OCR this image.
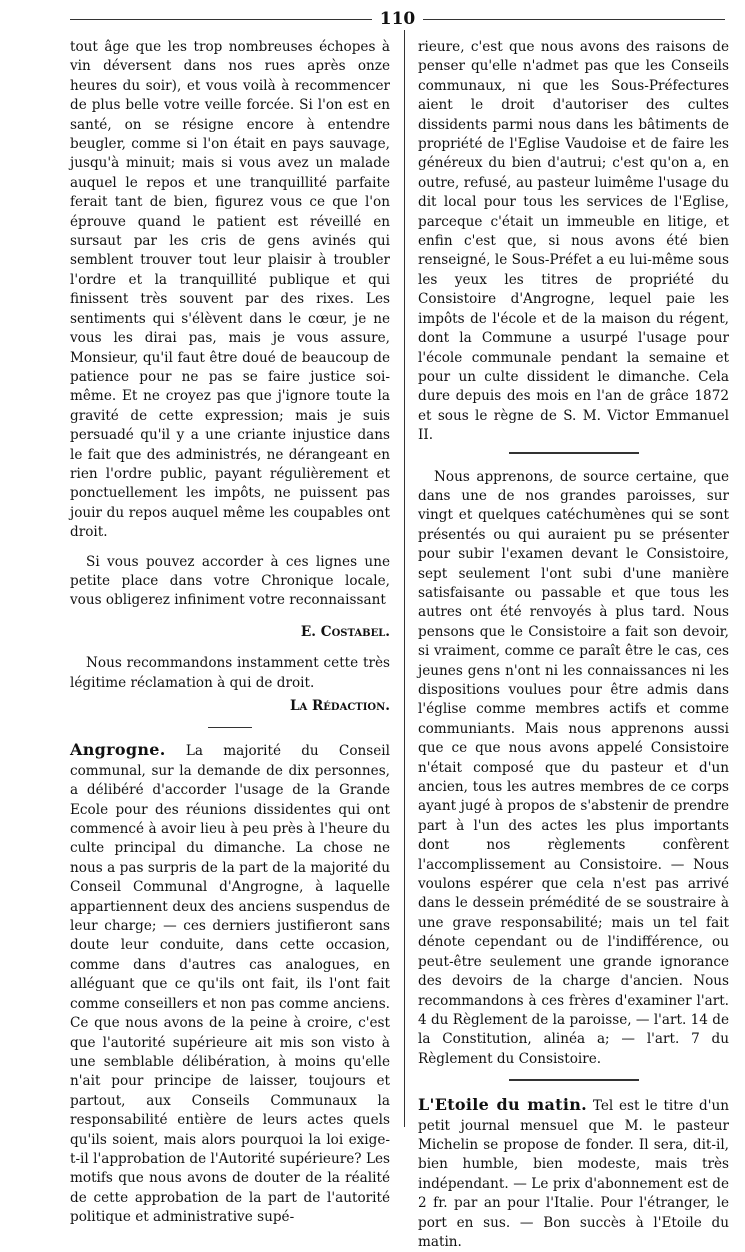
110

tout âge que les trop nombreuses échopes à vin déversent dans nos rues après onze heures du soir), et vous voilà à recommencer de plus belle votre veille forcée. Si l'on est en santé, on se résigne encore à entendre beugler, comme si l'on était en pays sauvage, jusqu'à minuit; mais si vous avez un malade auquel le repos et une tranquillité parfaite ferait tant de bien, figurez vous ce que l'on éprouve quand le patient est réveillé en sursaut par les cris de gens avinés qui semblent trouver tout leur plaisir à troubler l'ordre et la tranquillité publique et qui finissent très souvent par des rixes. Les sentiments qui s'élèvent dans le cœur, je ne vous les dirai pas, mais je vous assure, Monsieur, qu'il faut être doué de beaucoup de patience pour ne pas se faire justice soi-même. Et ne croyez pas que j'ignore toute la gravité de cette expression; mais je suis persuadé qu'il y a une criante injustice dans le fait que des administrés, ne dérangeant en rien l'ordre public, payant régulièrement et ponctuellement les impôts, ne puissent pas jouir du repos auquel même les coupables ont droit.

Si vous pouvez accorder à ces lignes une petite place dans votre Chronique locale, vous obligerez infiniment votre reconnaissant

E. Costabel.

Nous recommandons instamment cette très légitime réclamation à qui de droit.

La Rédaction.

Angrogne. La majorité du Conseil communal, sur la demande de dix personnes, a délibéré d'accorder l'usage de la Grande Ecole pour des réunions dissidentes qui ont commencé à avoir lieu à peu près à l'heure du culte principal du dimanche. La chose ne nous a pas surpris de la part de la majorité du Conseil Communal d'Angrogne, à laquelle appartiennent deux des anciens suspendus de leur charge; — ces derniers justifieront sans doute leur conduite, dans cette occasion, comme dans d'autres cas analogues, en alléguant que ce qu'ils ont fait, ils l'ont fait comme conseillers et non pas comme anciens. Ce que nous avons de la peine à croire, c'est que l'autorité supérieure ait mis son visto à une semblable délibération, à moins qu'elle n'ait pour principe de laisser, toujours et partout, aux Conseils Communaux la responsabilité entière de leurs actes quels qu'ils soient, mais alors pourquoi la loi exige-t-il l'approbation de l'Autorité supérieure? Les motifs que nous avons de douter de la réalité de cette approbation de la part de l'autorité politique et administrative supé-

rieure, c'est que nous avons des raisons de penser qu'elle n'admet pas que les Conseils communaux, ni que les Sous-Préfectures aient le droit d'autoriser des cultes dissidents parmi nous dans les bâtiments de propriété de l'Eglise Vaudoise et de faire les généreux du bien d'autrui; c'est qu'on a, en outre, refusé, au pasteur luimême l'usage du dit local pour tous les services de l'Eglise, parceque c'était un immeuble en litige, et enfin c'est que, si nous avons été bien renseigné, le Sous-Préfet a eu lui-même sous les yeux les titres de propriété du Consistoire d'Angrogne, lequel paie les impôts de l'école et de la maison du régent, dont la Commune a usurpé l'usage pour l'école communale pendant la semaine et pour un culte dissident le dimanche. Cela dure depuis des mois en l'an de grâce 1872 et sous le règne de S. M. Victor Emmanuel II.

Nous apprenons, de source certaine, que dans une de nos grandes paroisses, sur vingt et quelques catéchumènes qui se sont présentés ou qui auraient pu se présenter pour subir l'examen devant le Consistoire, sept seulement l'ont subi d'une manière satisfaisante ou passable et que tous les autres ont été renvoyés à plus tard. Nous pensons que le Consistoire a fait son devoir, si vraiment, comme ce paraît être le cas, ces jeunes gens n'ont ni les connaissances ni les dispositions voulues pour être admis dans l'église comme membres actifs et comme communiants. Mais nous apprenons aussi que ce que nous avons appelé Consistoire n'était composé que du pasteur et d'un ancien, tous les autres membres de ce corps ayant jugé à propos de s'abstenir de prendre part à l'un des actes les plus importants dont nos règlements confèrent l'accomplissement au Consistoire. — Nous voulons espérer que cela n'est pas arrivé dans le dessein prémédité de se soustraire à une grave responsabilité; mais un tel fait dénote cependant ou de l'indifférence, ou peut-être seulement une grande ignorance des devoirs de la charge d'ancien. Nous recommandons à ces frères d'examiner l'art. 4 du Règlement de la paroisse, — l'art. 14 de la Constitution, alinéa a; — l'art. 7 du Règlement du Consistoire.

L'Etoile du matin. Tel est le titre d'un petit journal mensuel que M. le pasteur Michelin se propose de fonder. Il sera, dit-il, bien humble, bien modeste, mais très indépendant. — Le prix d'abonnement est de 2 fr. par an pour l'Italie. Pour l'étranger, le port en sus. — Bon succès à l'Etoile du matin.
